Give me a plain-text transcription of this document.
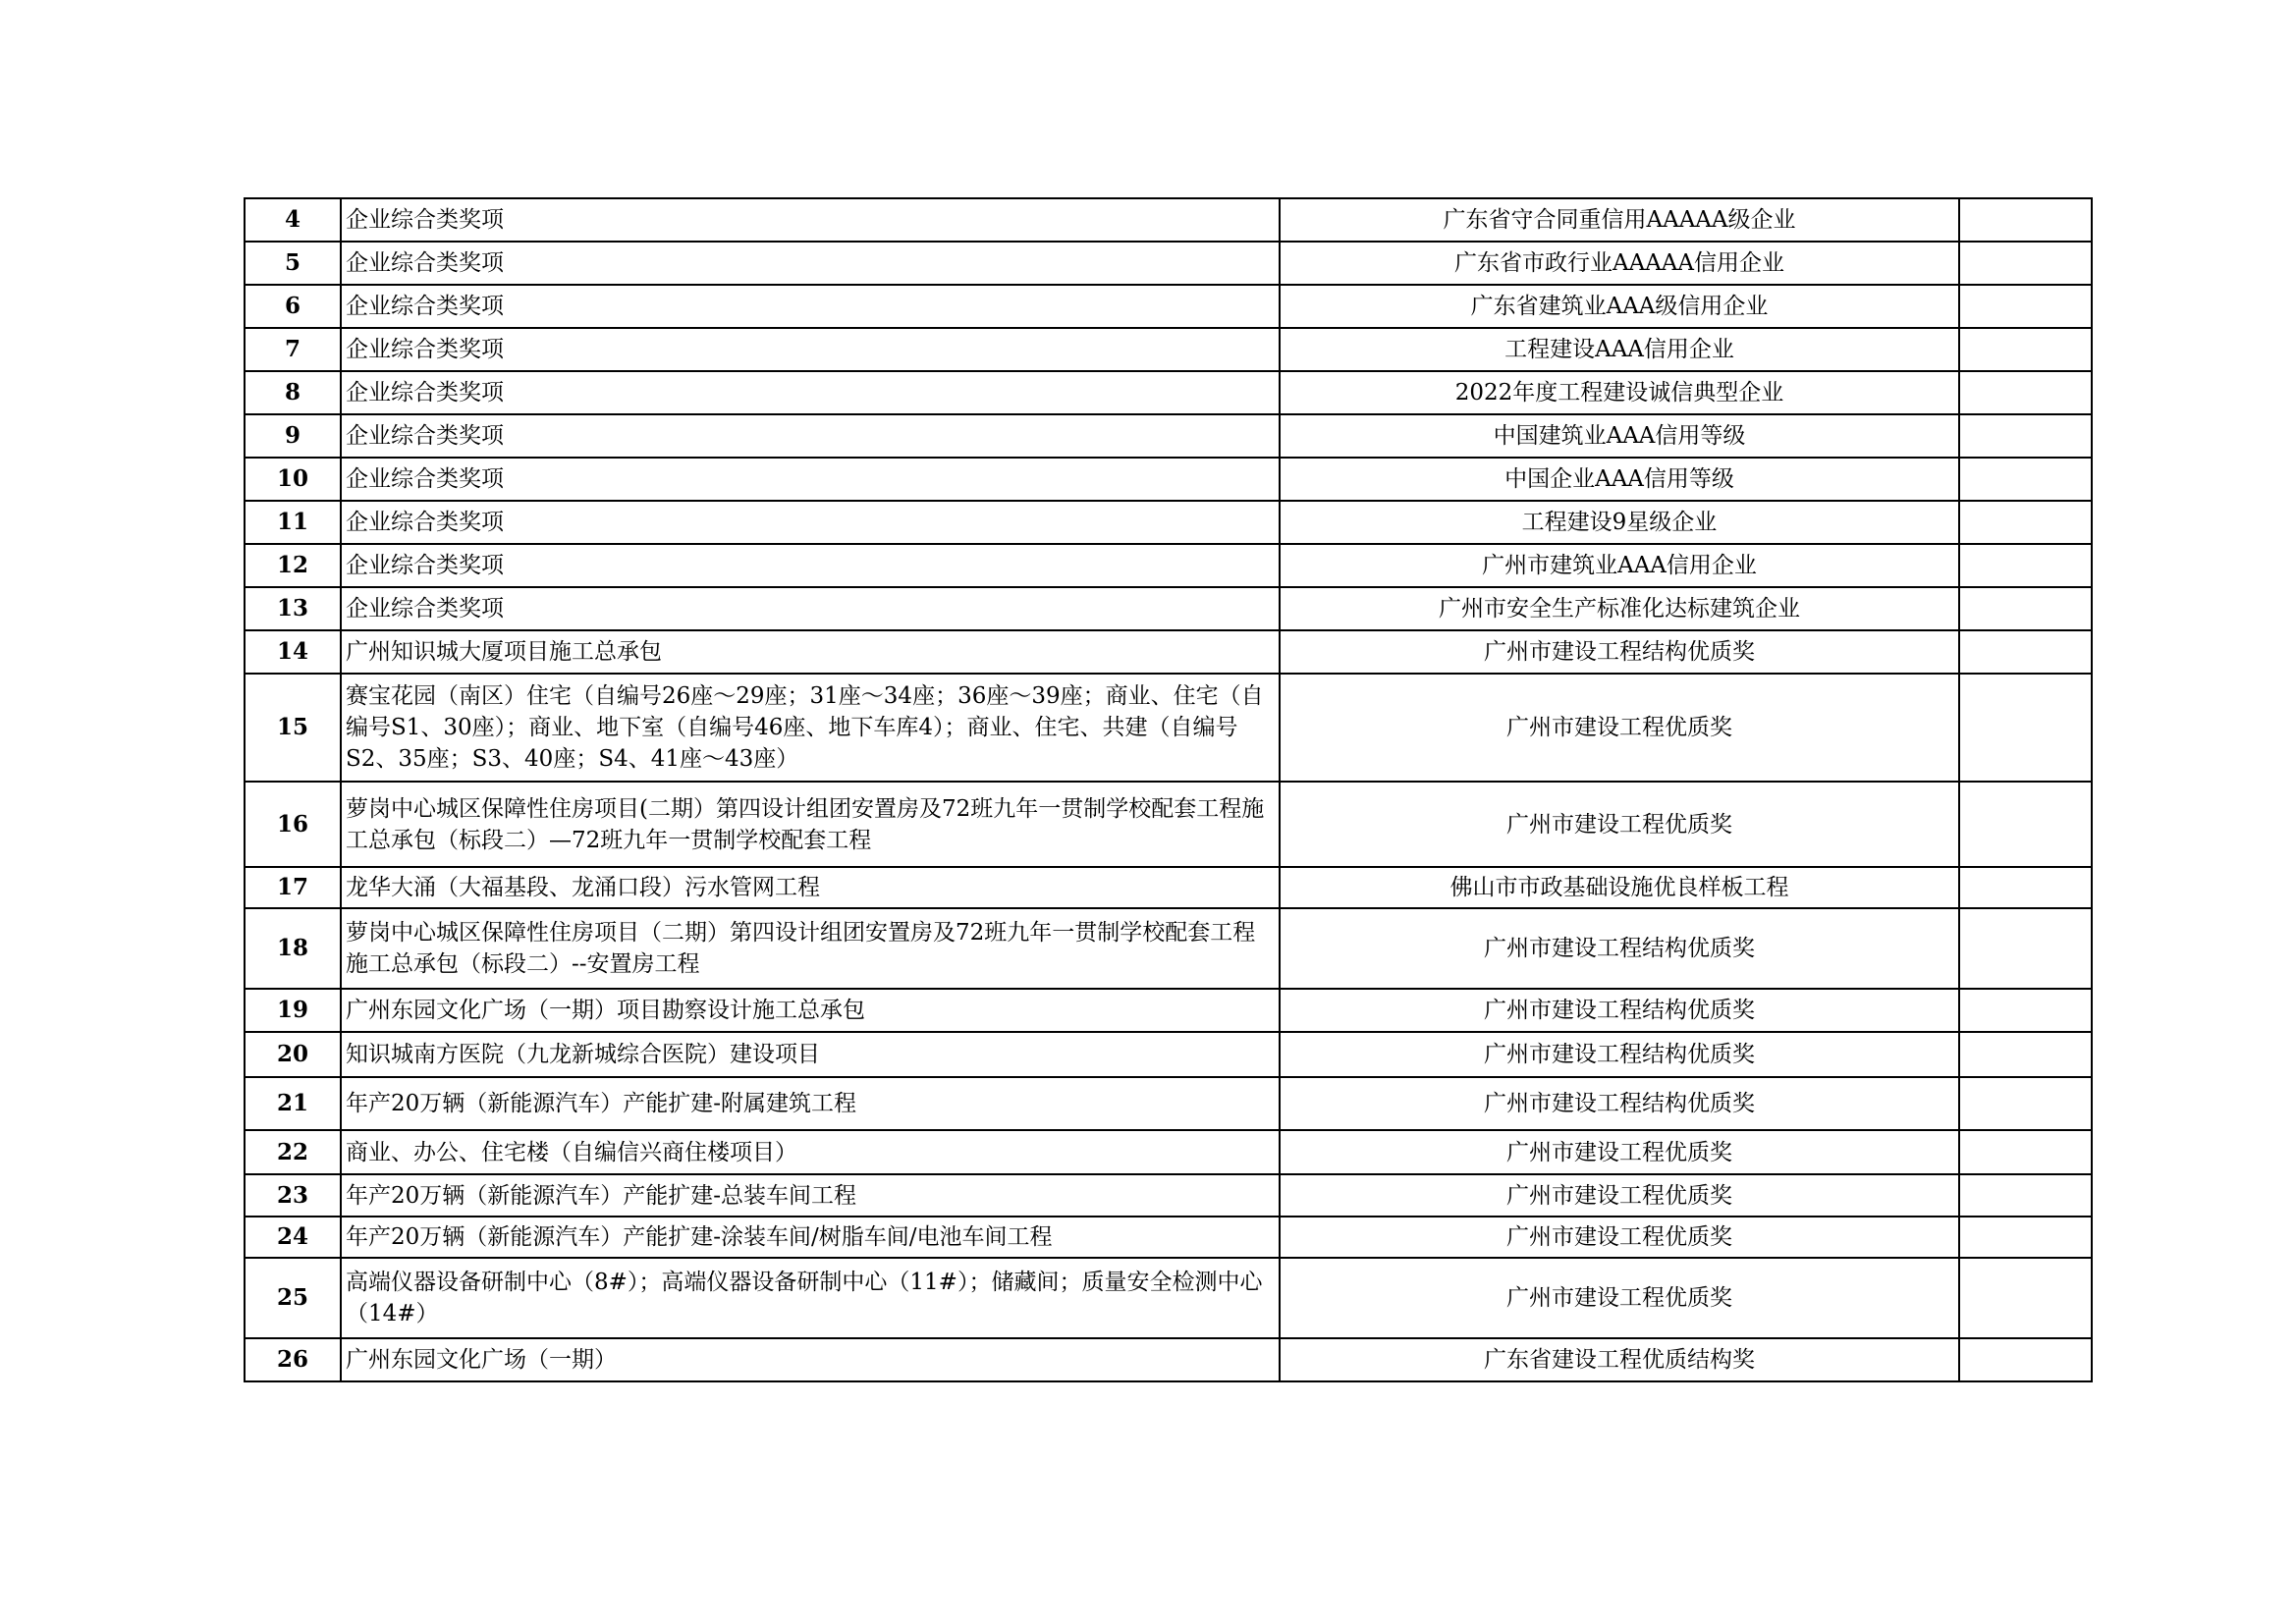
4	企业综合类奖项	广东省守合同重信用AAAAA级企业	
5	企业综合类奖项	广东省市政行业AAAAA信用企业	
6	企业综合类奖项	广东省建筑业AAA级信用企业	
7	企业综合类奖项	工程建设AAA信用企业	
8	企业综合类奖项	2022年度工程建设诚信典型企业	
9	企业综合类奖项	中国建筑业AAA信用等级	
10	企业综合类奖项	中国企业AAA信用等级	
11	企业综合类奖项	工程建设9星级企业	
12	企业综合类奖项	广州市建筑业AAA信用企业	
13	企业综合类奖项	广州市安全生产标准化达标建筑企业	
14	广州知识城大厦项目施工总承包	广州市建设工程结构优质奖	
15	赛宝花园（南区）住宅（自编号26座～29座；31座～34座；36座～39座；商业、住宅（自编号S1、30座）；商业、地下室（自编号46座、地下车库4）；商业、住宅、共建（自编号S2、35座；S3、40座；S4、41座～43座）	广州市建设工程优质奖	
16	萝岗中心城区保障性住房项目(二期）第四设计组团安置房及72班九年一贯制学校配套工程施工总承包（标段二）—72班九年一贯制学校配套工程	广州市建设工程优质奖	
17	龙华大涌（大福基段、龙涌口段）污水管网工程	佛山市市政基础设施优良样板工程	
18	萝岗中心城区保障性住房项目（二期）第四设计组团安置房及72班九年一贯制学校配套工程施工总承包（标段二）--安置房工程	广州市建设工程结构优质奖	
19	广州东园文化广场（一期）项目勘察设计施工总承包	广州市建设工程结构优质奖	
20	知识城南方医院（九龙新城综合医院）建设项目	广州市建设工程结构优质奖	
21	年产20万辆（新能源汽车）产能扩建-附属建筑工程	广州市建设工程结构优质奖	
22	商业、办公、住宅楼（自编信兴商住楼项目）	广州市建设工程优质奖	
23	年产20万辆（新能源汽车）产能扩建-总装车间工程	广州市建设工程优质奖	
24	年产20万辆（新能源汽车）产能扩建-涂装车间/树脂车间/电池车间工程	广州市建设工程优质奖	
25	高端仪器设备研制中心（8#）；高端仪器设备研制中心（11#）；储藏间；质量安全检测中心（14#）	广州市建设工程优质奖	
26	广州东园文化广场（一期）	广东省建设工程优质结构奖	
